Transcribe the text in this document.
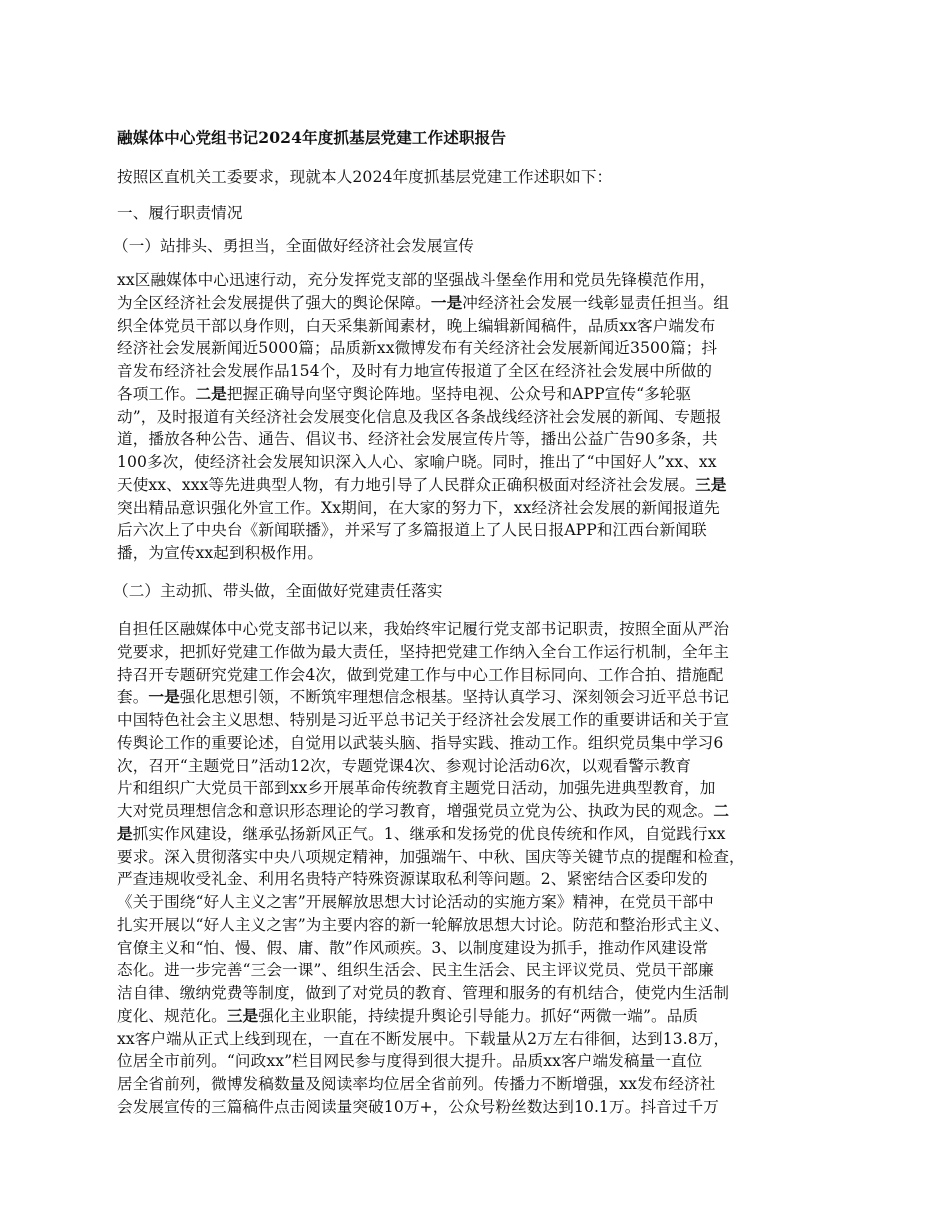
融媒体中心党组书记2024年度抓基层党建工作述职报告
按照区直机关工委要求，现就本人2024年度抓基层党建工作述职如下：
一、履行职责情况
（一）站排头、勇担当，全面做好经济社会发展宣传
xx区融媒体中心迅速行动，充分发挥党支部的坚强战斗堡垒作用和党员先锋模范作用，
为全区经济社会发展提供了强大的舆论保障。一是冲经济社会发展一线彰显责任担当。组
织全体党员干部以身作则，白天采集新闻素材，晚上编辑新闻稿件，品质xx客户端发布
经济社会发展新闻近5000篇；品质新xx微博发布有关经济社会发展新闻近3500篇；抖
音发布经济社会发展作品154个，及时有力地宣传报道了全区在经济社会发展中所做的
各项工作。二是把握正确导向坚守舆论阵地。坚持电视、公众号和APP宣传“多轮驱
动”，及时报道有关经济社会发展变化信息及我区各条战线经济社会发展的新闻、专题报
道，播放各种公告、通告、倡议书、经济社会发展宣传片等，播出公益广告90多条，共
100多次，使经济社会发展知识深入人心、家喻户晓。同时，推出了“中国好人”xx、xx
天使xx、xxx等先进典型人物，有力地引导了人民群众正确积极面对经济社会发展。三是
突出精品意识强化外宣工作。Xx期间，在大家的努力下，xx经济社会发展的新闻报道先
后六次上了中央台《新闻联播》，并采写了多篇报道上了人民日报APP和江西台新闻联
播，为宣传xx起到积极作用。
（二）主动抓、带头做，全面做好党建责任落实
自担任区融媒体中心党支部书记以来，我始终牢记履行党支部书记职责，按照全面从严治
党要求，把抓好党建工作做为最大责任，坚持把党建工作纳入全台工作运行机制，全年主
持召开专题研究党建工作会4次，做到党建工作与中心工作目标同向、工作合拍、措施配
套。一是强化思想引领，不断筑牢理想信念根基。坚持认真学习、深刻领会习近平总书记
中国特色社会主义思想、特别是习近平总书记关于经济社会发展工作的重要讲话和关于宣
传舆论工作的重要论述，自觉用以武装头脑、指导实践、推动工作。组织党员集中学习6
次，召开“主题党日”活动12次，专题党课4次、参观讨论活动6次，以观看警示教育
片和组织广大党员干部到xx乡开展革命传统教育主题党日活动，加强先进典型教育，加
大对党员理想信念和意识形态理论的学习教育，增强党员立党为公、执政为民的观念。二
是抓实作风建设，继承弘扬新风正气。1、继承和发扬党的优良传统和作风，自觉践行xx
要求。深入贯彻落实中央八项规定精神，加强端午、中秋、国庆等关键节点的提醒和检查，
严查违规收受礼金、利用名贵特产特殊资源谋取私利等问题。2、紧密结合区委印发的
《关于围绕“好人主义之害”开展解放思想大讨论活动的实施方案》精神，在党员干部中
扎实开展以“好人主义之害”为主要内容的新一轮解放思想大讨论。防范和整治形式主义、
官僚主义和“怕、慢、假、庸、散”作风顽疾。3、以制度建设为抓手，推动作风建设常
态化。进一步完善“三会一课”、组织生活会、民主生活会、民主评议党员、党员干部廉
洁自律、缴纳党费等制度，做到了对党员的教育、管理和服务的有机结合，使党内生活制
度化、规范化。三是强化主业职能，持续提升舆论引导能力。抓好“两微一端”。品质
xx客户端从正式上线到现在，一直在不断发展中。下载量从2万左右徘徊，达到13.8万，
位居全市前列。“问政xx”栏目网民参与度得到很大提升。品质xx客户端发稿量一直位
居全省前列，微博发稿数量及阅读率均位居全省前列。传播力不断增强，xx发布经济社
会发展宣传的三篇稿件点击阅读量突破10万+，公众号粉丝数达到10.1万。抖音过千万
